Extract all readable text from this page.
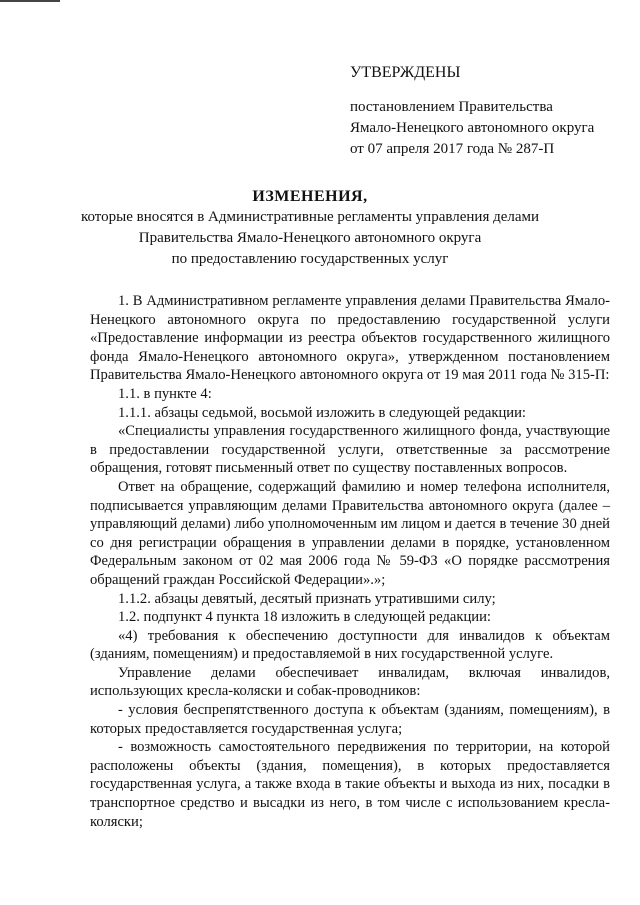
УТВЕРЖДЕНЫ
постановлением Правительства
Ямало-Ненецкого автономного округа
от 07 апреля 2017 года № 287-П
ИЗМЕНЕНИЯ,
которые вносятся в Административные регламенты управления делами
Правительства Ямало-Ненецкого автономного округа
по предоставлению государственных услуг

1. В Административном регламенте управления делами Правительства Ямало-Ненецкого автономного округа по предоставлению государственной услуги «Предоставление информации из реестра объектов государственного жилищного фонда Ямало-Ненецкого автономного округа», утвержденном постановлением Правительства Ямало-Ненецкого автономного округа от 19 мая 2011 года № 315-П:

1.1. в пункте 4:

1.1.1. абзацы седьмой, восьмой изложить в следующей редакции:

«Специалисты управления государственного жилищного фонда, участвующие в предоставлении государственной услуги, ответственные за рассмотрение обращения, готовят письменный ответ по существу поставленных вопросов.

Ответ на обращение, содержащий фамилию и номер телефона исполнителя, подписывается управляющим делами Правительства автономного округа (далее – управляющий делами) либо уполномоченным им лицом и дается в течение 30 дней со дня регистрации обращения в управлении делами в порядке, установленном Федеральным законом от 02 мая 2006 года № 59-ФЗ «О порядке рассмотрения обращений граждан Российской Федерации».»;

1.1.2. абзацы девятый, десятый признать утратившими силу;

1.2. подпункт 4 пункта 18 изложить в следующей редакции:

«4) требования к обеспечению доступности для инвалидов к объектам (зданиям, помещениям) и предоставляемой в них государственной услуге.

Управление делами обеспечивает инвалидам, включая инвалидов, использующих кресла-коляски и собак-проводников:

- условия беспрепятственного доступа к объектам (зданиям, помещениям), в которых предоставляется государственная услуга;

- возможность самостоятельного передвижения по территории, на которой расположены объекты (здания, помещения), в которых предоставляется государственная услуга, а также входа в такие объекты и выхода из них, посадки в транспортное средство и высадки из него, в том числе с использованием кресла-коляски;
